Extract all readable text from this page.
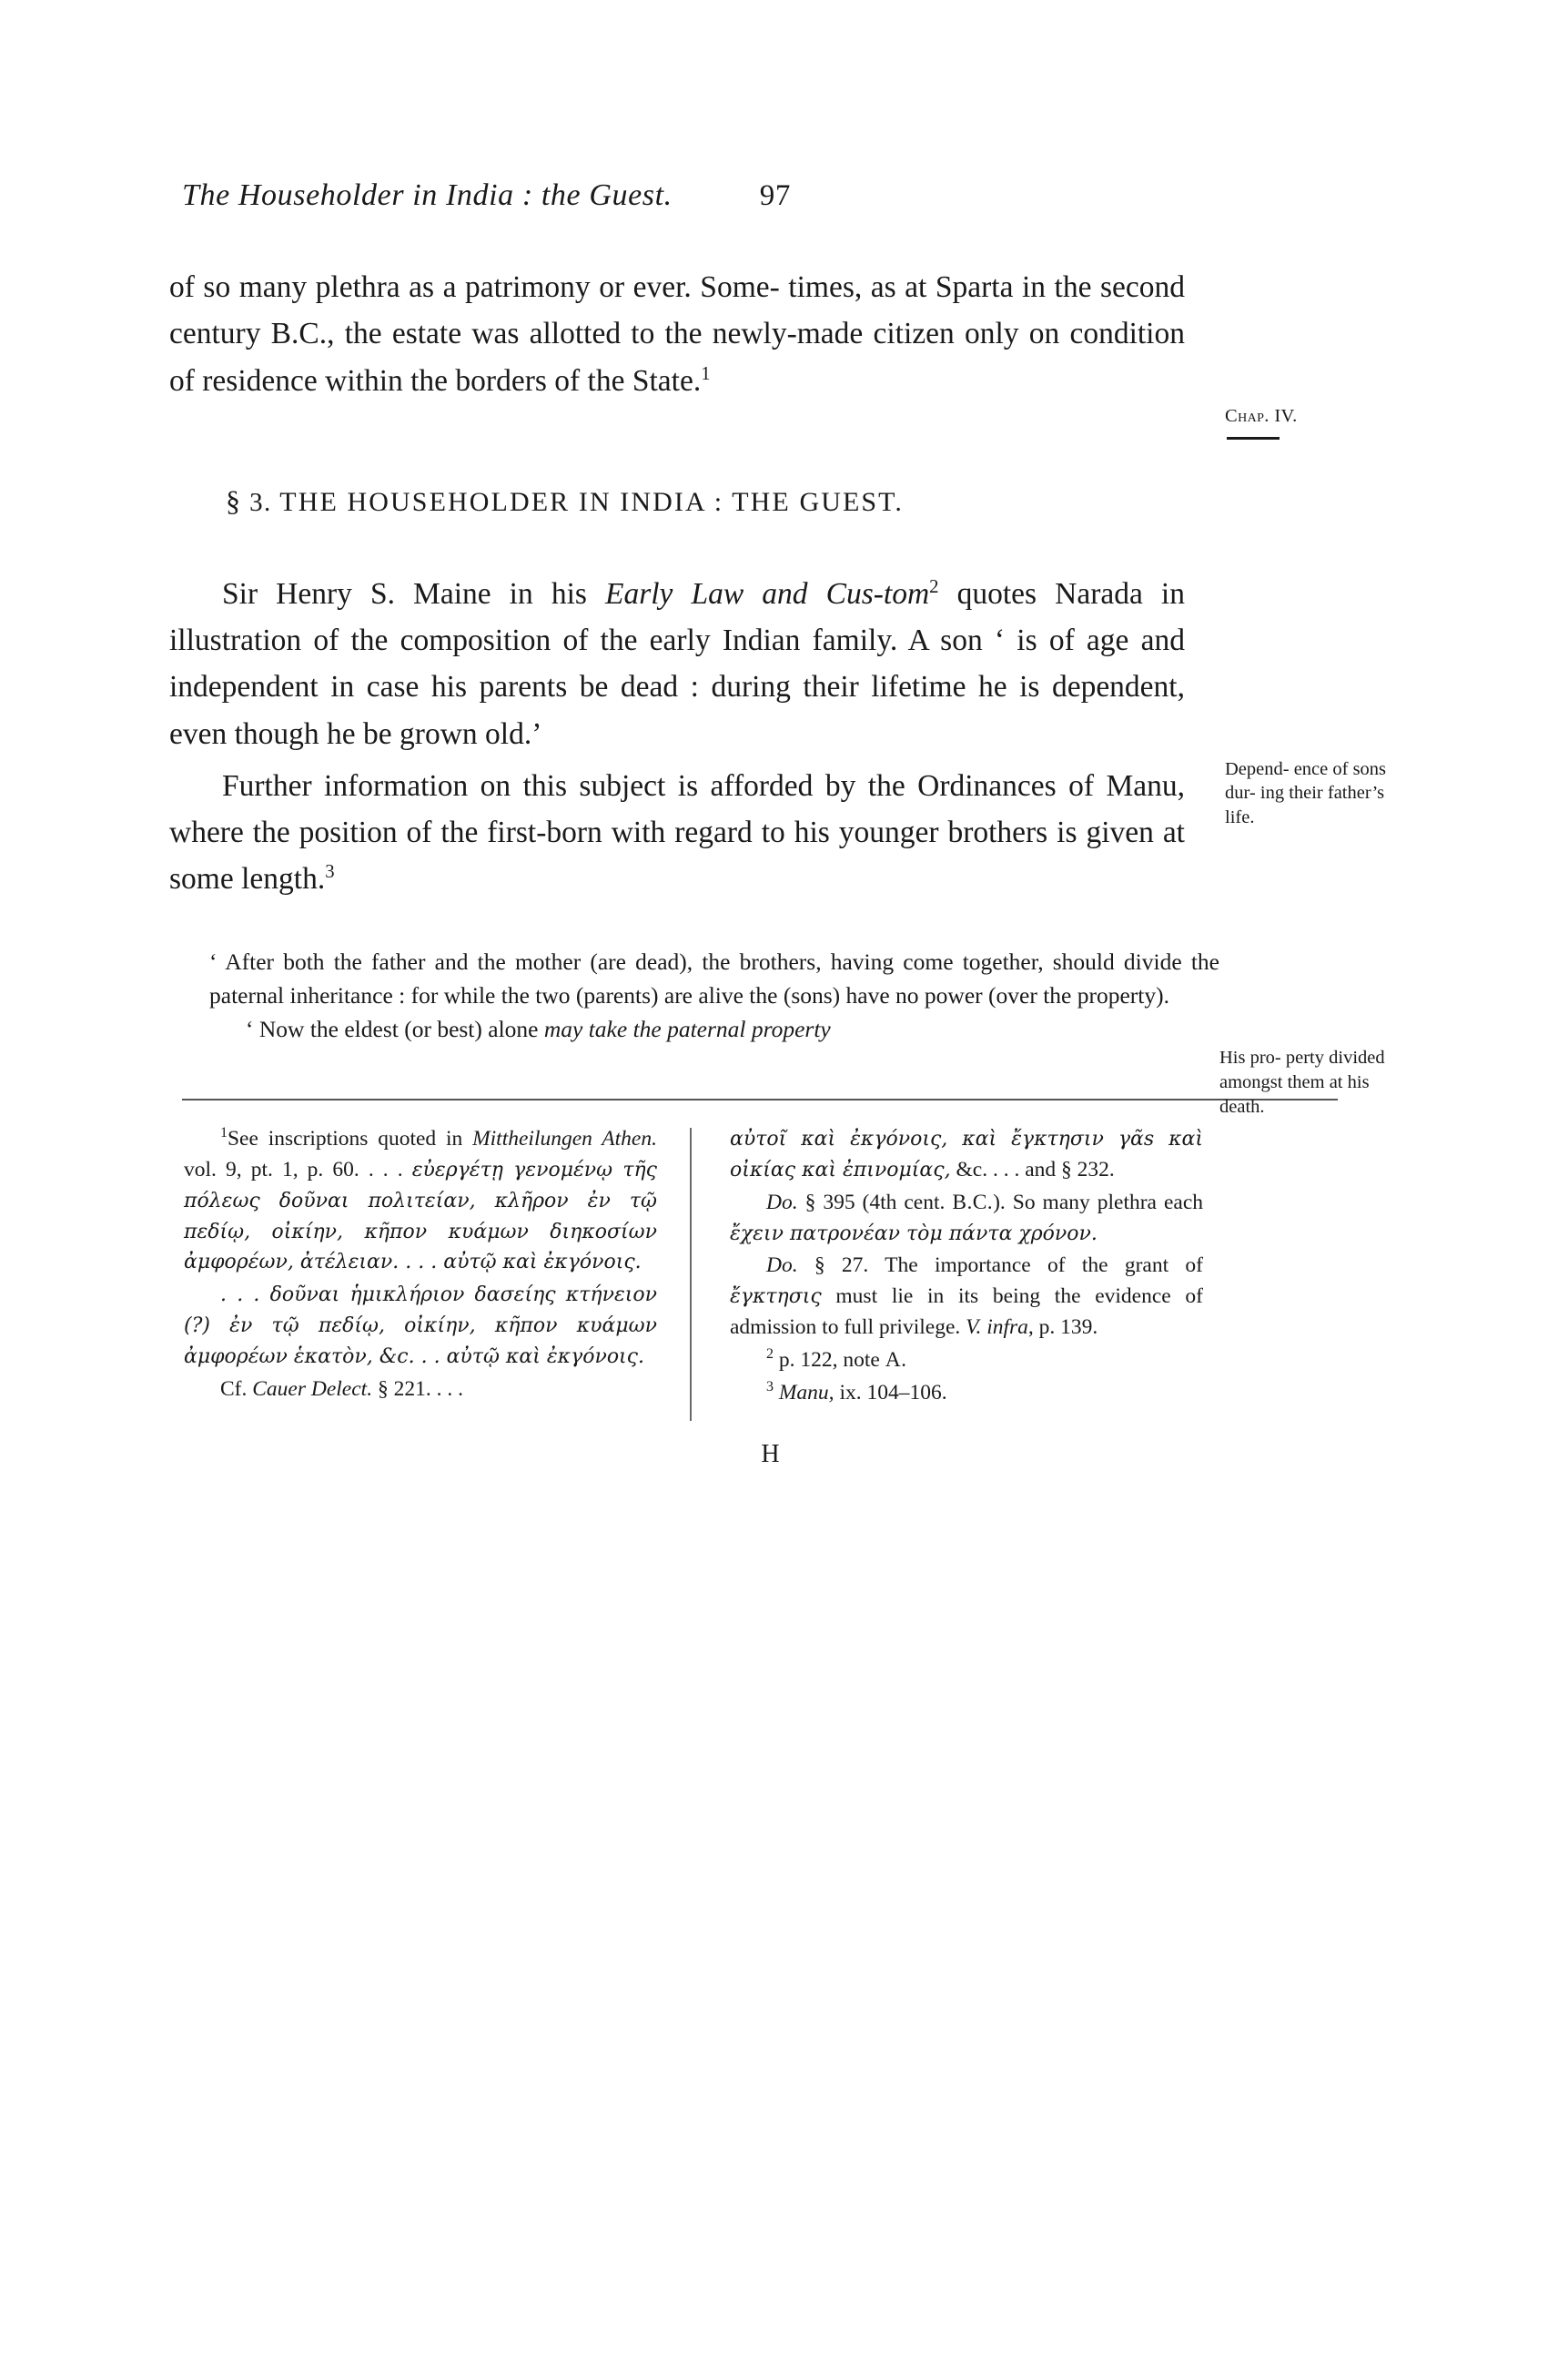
The Householder in India : the Guest.	97

of so many plethra as a patrimony or ever. Some- times, as at Sparta in the second century B.C., the estate was allotted to the newly-made citizen only on condition of residence within the borders of the State.$^1$

Chap. IV.
§ 3. THE HOUSEHOLDER IN INDIA : THE GUEST.

Sir Henry S. Maine in his Early Law and Cus-tom$^2$ quotes Narada in illustration of the composition of the early Indian family. A son ‘ is of age and independent in case his parents be dead : during their lifetime he is dependent, even though he be grown old.’

Depend- ence of sons dur- ing their father’s life.

Further information on this subject is afforded by the Ordinances of Manu, where the position of the first-born with regard to his younger brothers is given at some length.$^3$

‘ After both the father and the mother (are dead), the brothers, having come together, should divide the paternal inheritance : for while the two (parents) are alive the (sons) have no power (over the property).

‘ Now the eldest (or best) alone may take the paternal property

His pro- perty divided amongst them at his death.

$^1$See inscriptions quoted in Mittheilungen Athen. vol. 9, pt. 1, p. 60. . . . εὐεργέτῃ γενομένῳ τῆς πόλεως δοῦναι πολιτείαν, κλῆρον ἐν τῷ πεδίῳ, οἰκίην, κῆπον κυάμων διηκοσίων ἀμφορέων, ἀτέλειαν. . . . αὐτῷ καὶ ἐκγόνοις.

. . . δοῦναι ἡμικλήριον δασείης κτήνειον (?) ἐν τῷ πεδίῳ, οἰκίην, κῆπον κυάμων ἀμφορέων ἑκατὸν, &c. . . αὐτῷ καὶ ἐκγόνοις.

Cf. Cauer Delect. § 221. . . .

αὐτοῖ καὶ ἐκγόνοις, καὶ ἔγκτησιν γᾶs καὶ οἰκίας καὶ ἐπινομίας, &c. . . . and § 232.

Do. § 395 (4th cent. B.C.). So many plethra each ἔχειν πατρονέαν τὸμ πάντα χρόνον.

Do. § 27. The importance of the grant of ἔγκτησις must lie in its being the evidence of admission to full privilege. V. infra, p. 139.

$^2$ p. 122, note A.

$^3$ Manu, ix. 104–106.

H
